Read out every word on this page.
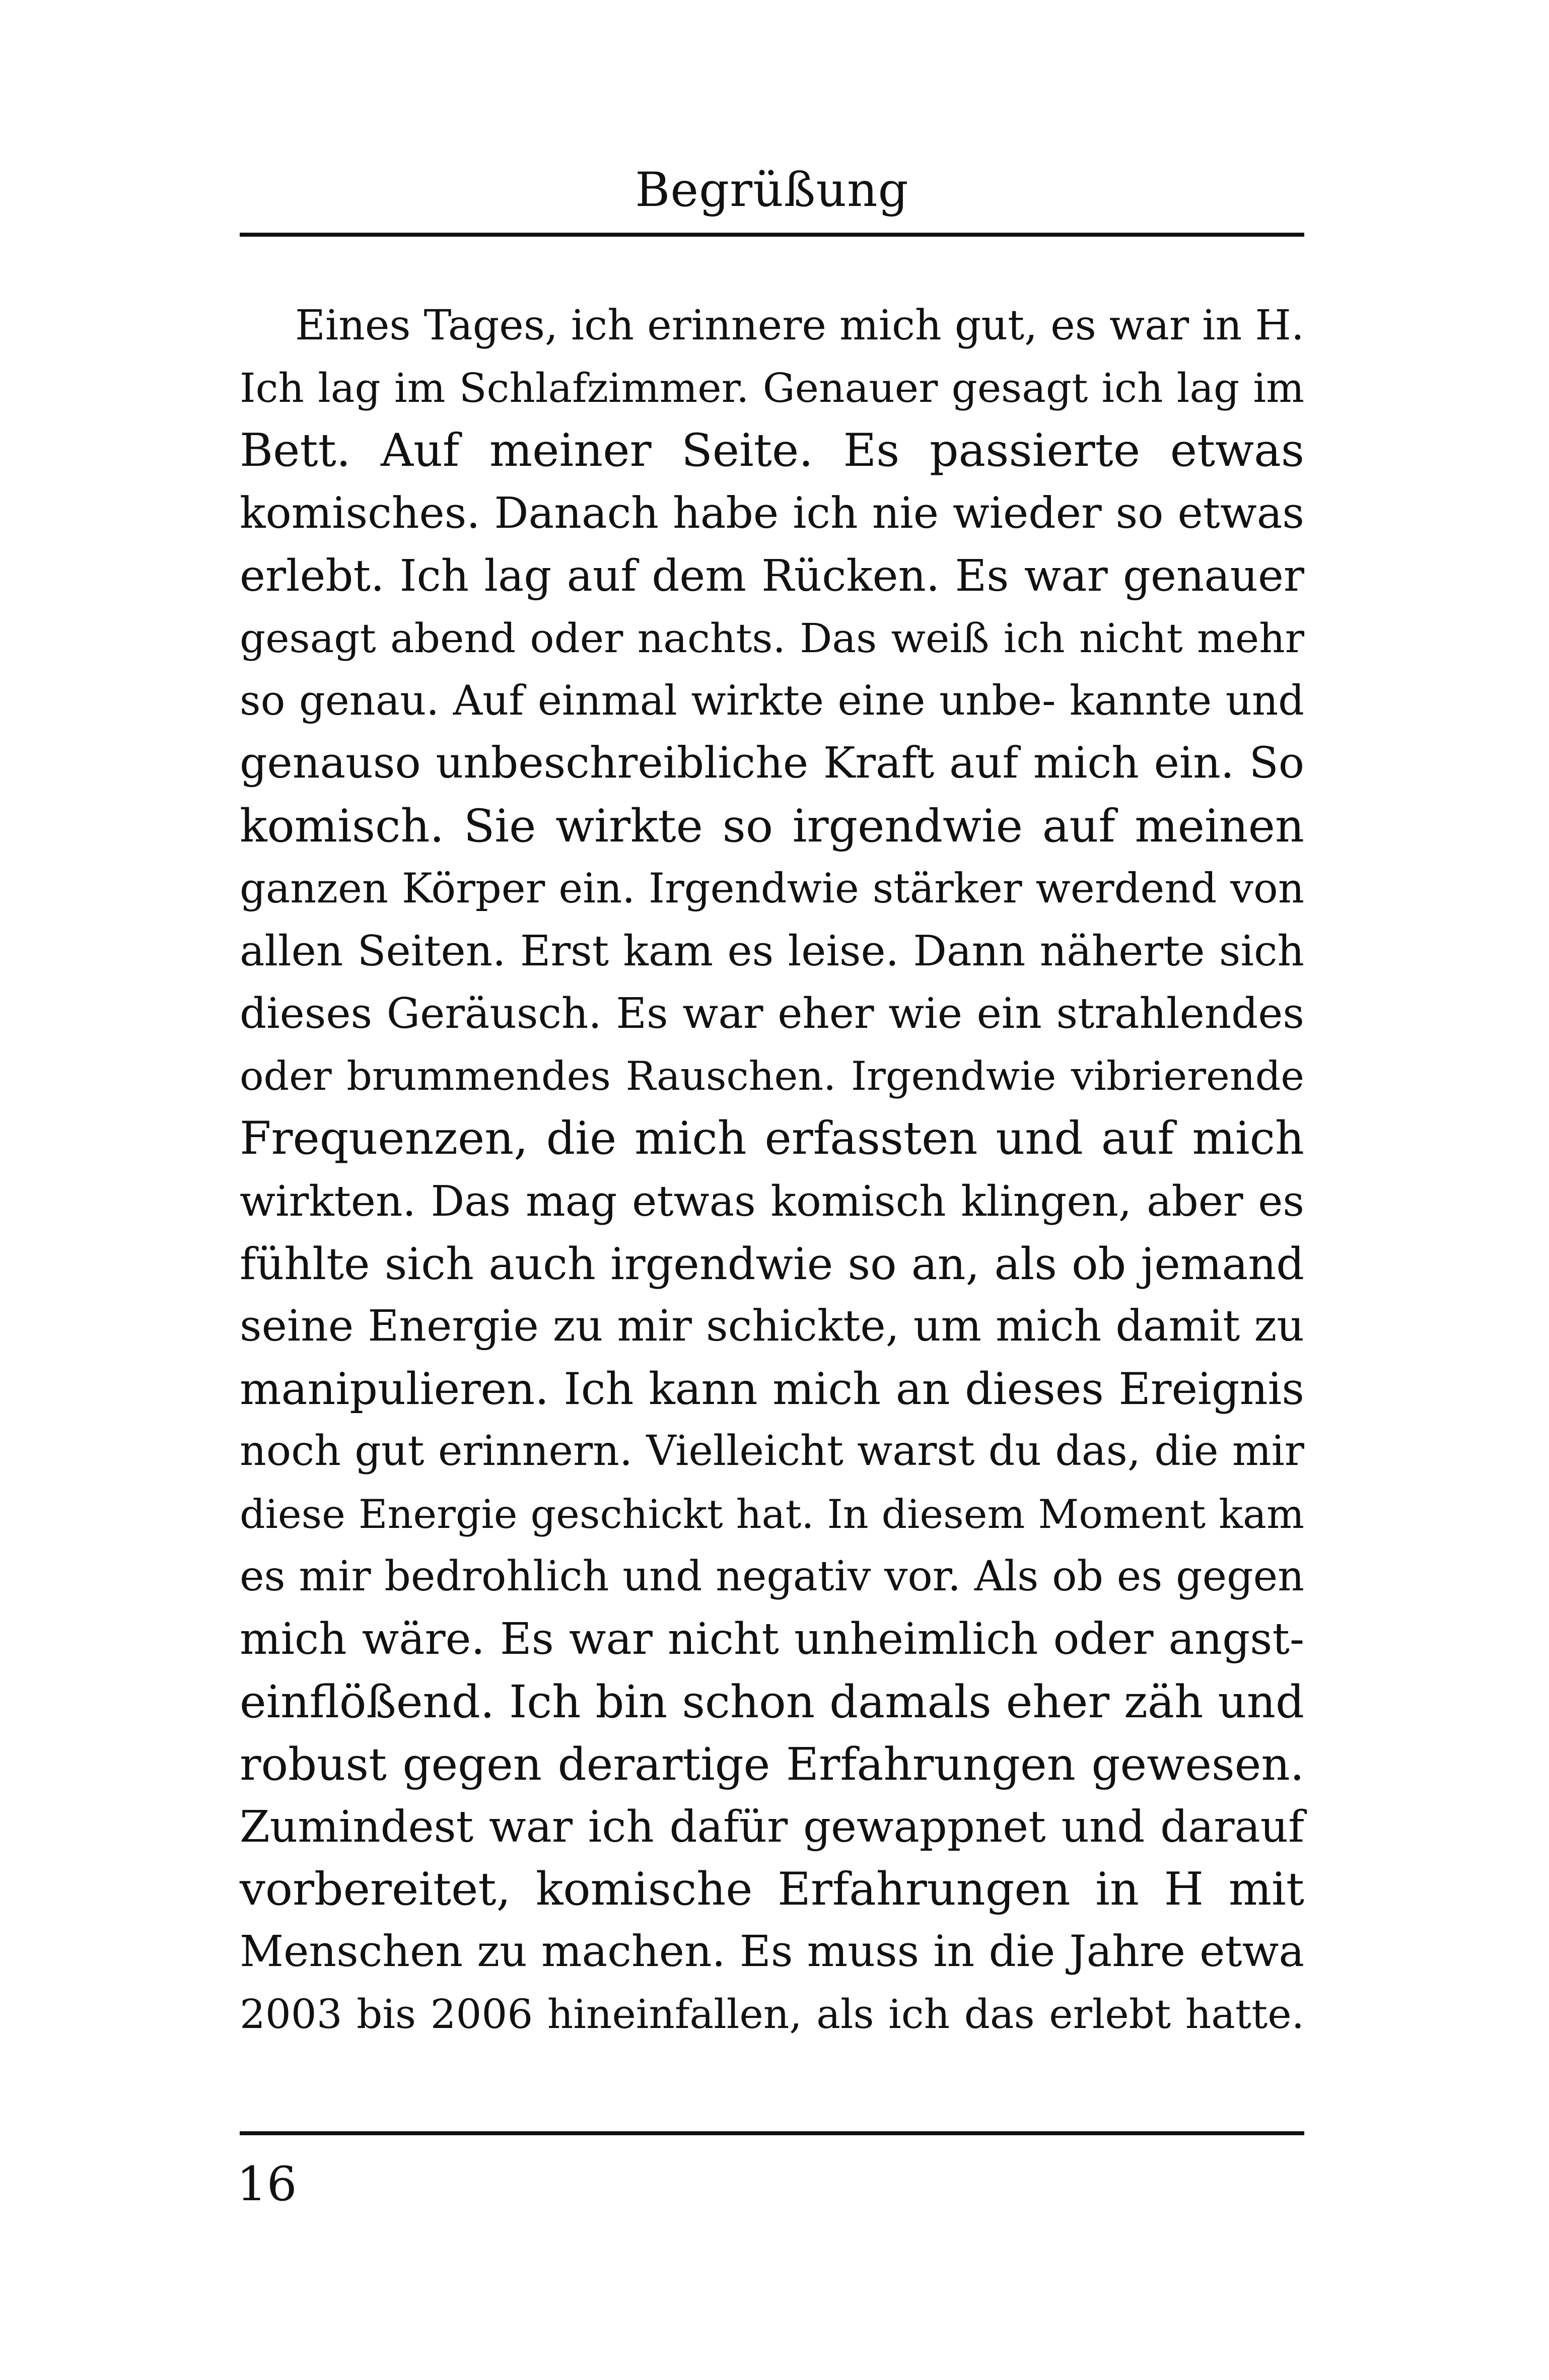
Begrüßung
Eines Tages, ich erinnere mich gut, es war in H.
Ich lag im Schlafzimmer. Genauer gesagt ich lag im
Bett. Auf meiner Seite. Es passierte etwas
komisches. Danach habe ich nie wieder so etwas
erlebt. Ich lag auf dem Rücken. Es war genauer
gesagt abend oder nachts. Das weiß ich nicht mehr
so genau. Auf einmal wirkte eine unbe- kannte und
genauso unbeschreibliche Kraft auf mich ein. So
komisch. Sie wirkte so irgendwie auf meinen
ganzen Körper ein. Irgendwie stärker werdend von
allen Seiten. Erst kam es leise. Dann näherte sich
dieses Geräusch. Es war eher wie ein strahlendes
oder brummendes Rauschen. Irgendwie vibrierende
Frequenzen, die mich erfassten und auf mich
wirkten. Das mag etwas komisch klingen, aber es
fühlte sich auch irgendwie so an, als ob jemand
seine Energie zu mir schickte, um mich damit zu
manipulieren. Ich kann mich an dieses Ereignis
noch gut erinnern. Vielleicht warst du das, die mir
diese Energie geschickt hat. In diesem Moment kam
es mir bedrohlich und negativ vor. Als ob es gegen
mich wäre. Es war nicht unheimlich oder angst-
einflößend. Ich bin schon damals eher zäh und
robust gegen derartige Erfahrungen gewesen.
Zumindest war ich dafür gewappnet und darauf
vorbereitet, komische Erfahrungen in H mit
Menschen zu machen. Es muss in die Jahre etwa
2003 bis 2006 hineinfallen, als ich das erlebt hatte.
16
